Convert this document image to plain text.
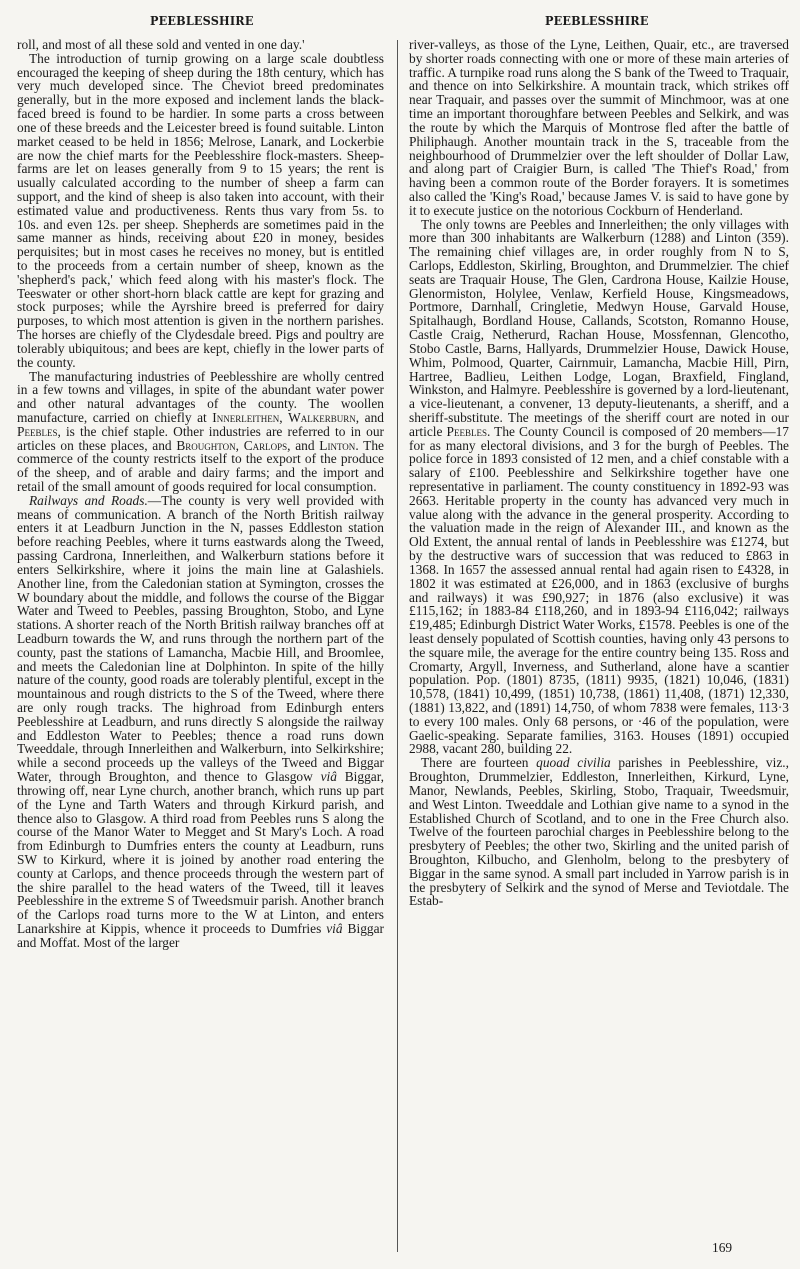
PEEBLESSHIRE	PEEBLESSHIRE

roll, and most of all these sold and vented in one day.'

The introduction of turnip growing on a large scale doubtless encouraged the keeping of sheep during the 18th century, which has very much developed since. The Cheviot breed predominates generally, but in the more exposed and inclement lands the black-faced breed is found to be hardier. In some parts a cross between one of these breeds and the Leicester breed is found suitable. Linton market ceased to be held in 1856; Melrose, Lanark, and Lockerbie are now the chief marts for the Peeblesshire flock-masters. Sheep-farms are let on leases generally from 9 to 15 years; the rent is usually calculated according to the number of sheep a farm can support, and the kind of sheep is also taken into account, with their estimated value and productiveness. Rents thus vary from 5s. to 10s. and even 12s. per sheep. Shepherds are sometimes paid in the same manner as hinds, receiving about £20 in money, besides perquisites; but in most cases he receives no money, but is entitled to the proceeds from a certain number of sheep, known as the 'shepherd's pack,' which feed along with his master's flock. The Teeswater or other short-horn black cattle are kept for grazing and stock purposes; while the Ayrshire breed is preferred for dairy purposes, to which most attention is given in the northern parishes. The horses are chiefly of the Clydesdale breed. Pigs and poultry are tolerably ubiquitous; and bees are kept, chiefly in the lower parts of the county.

The manufacturing industries of Peeblesshire are wholly centred in a few towns and villages, in spite of the abundant water power and other natural advantages of the county. The woollen manufacture, carried on chiefly at Innerleithen, Walkerburn, and Peebles, is the chief staple. Other industries are referred to in our articles on these places, and Broughton, Carlops, and Linton. The commerce of the county restricts itself to the export of the produce of the sheep, and of arable and dairy farms; and the import and retail of the small amount of goods required for local consumption.

Railways and Roads.—The county is very well provided with means of communication. A branch of the North British railway enters it at Leadburn Junction in the N, passes Eddleston station before reaching Peebles, where it turns eastwards along the Tweed, passing Cardrona, Innerleithen, and Walkerburn stations before it enters Selkirkshire, where it joins the main line at Galashiels. Another line, from the Caledonian station at Symington, crosses the W boundary about the middle, and follows the course of the Biggar Water and Tweed to Peebles, passing Broughton, Stobo, and Lyne stations. A shorter reach of the North British railway branches off at Leadburn towards the W, and runs through the northern part of the county, past the stations of Lamancha, Macbie Hill, and Broomlee, and meets the Caledonian line at Dolphinton. In spite of the hilly nature of the county, good roads are tolerably plentiful, except in the mountainous and rough districts to the S of the Tweed, where there are only rough tracks. The highroad from Edinburgh enters Peeblesshire at Leadburn, and runs directly S alongside the railway and Eddleston Water to Peebles; thence a road runs down Tweeddale, through Innerleithen and Walkerburn, into Selkirkshire; while a second proceeds up the valleys of the Tweed and Biggar Water, through Broughton, and thence to Glasgow viâ Biggar, throwing off, near Lyne church, another branch, which runs up part of the Lyne and Tarth Waters and through Kirkurd parish, and thence also to Glasgow. A third road from Peebles runs S along the course of the Manor Water to Megget and St Mary's Loch. A road from Edinburgh to Dumfries enters the county at Leadburn, runs SW to Kirkurd, where it is joined by another road entering the county at Carlops, and thence proceeds through the western part of the shire parallel to the head waters of the Tweed, till it leaves Peeblesshire in the extreme S of Tweedsmuir parish. Another branch of the Carlops road turns more to the W at Linton, and enters Lanarkshire at Kippis, whence it proceeds to Dumfries viâ Biggar and Moffat. Most of the larger

river-valleys, as those of the Lyne, Leithen, Quair, etc., are traversed by shorter roads connecting with one or more of these main arteries of traffic. A turnpike road runs along the S bank of the Tweed to Traquair, and thence on into Selkirkshire. A mountain track, which strikes off near Traquair, and passes over the summit of Minchmoor, was at one time an important thoroughfare between Peebles and Selkirk, and was the route by which the Marquis of Montrose fled after the battle of Philiphaugh. Another mountain track in the S, traceable from the neighbourhood of Drummelzier over the left shoulder of Dollar Law, and along part of Craigier Burn, is called 'The Thief's Road,' from having been a common route of the Border forayers. It is sometimes also called the 'King's Road,' because James V. is said to have gone by it to execute justice on the notorious Cockburn of Henderland.

The only towns are Peebles and Innerleithen; the only villages with more than 300 inhabitants are Walkerburn (1288) and Linton (359). The remaining chief villages are, in order roughly from N to S, Carlops, Eddleston, Skirling, Broughton, and Drummelzier. The chief seats are Traquair House, The Glen, Cardrona House, Kailzie House, Glenormiston, Holylee, Venlaw, Kerfield House, Kingsmeadows, Portmore, Darnhall, Cringletie, Medwyn House, Garvald House, Spitalhaugh, Bordland House, Callands, Scotston, Romanno House, Castle Craig, Netherurd, Rachan House, Mossfennan, Glencotho, Stobo Castle, Barns, Hallyards, Drummelzier House, Dawick House, Whim, Polmood, Quarter, Cairnmuir, Lamancha, Macbie Hill, Pirn, Hartree, Badlieu, Leithen Lodge, Logan, Braxfield, Fingland, Winkston, and Halmyre. Peeblesshire is governed by a lord-lieutenant, a vice-lieutenant, a convener, 13 deputy-lieutenants, a sheriff, and a sheriff-substitute. The meetings of the sheriff court are noted in our article Peebles. The County Council is composed of 20 members—17 for as many electoral divisions, and 3 for the burgh of Peebles. The police force in 1893 consisted of 12 men, and a chief constable with a salary of £100. Peeblesshire and Selkirkshire together have one representative in parliament. The county constituency in 1892-93 was 2663. Heritable property in the county has advanced very much in value along with the advance in the general prosperity. According to the valuation made in the reign of Alexander III., and known as the Old Extent, the annual rental of lands in Peeblesshire was £1274, but by the destructive wars of succession that was reduced to £863 in 1368. In 1657 the assessed annual rental had again risen to £4328, in 1802 it was estimated at £26,000, and in 1863 (exclusive of burghs and railways) it was £90,927; in 1876 (also exclusive) it was £115,162; in 1883-84 £118,260, and in 1893-94 £116,042; railways £19,485; Edinburgh District Water Works, £1578. Peebles is one of the least densely populated of Scottish counties, having only 43 persons to the square mile, the average for the entire country being 135. Ross and Cromarty, Argyll, Inverness, and Sutherland, alone have a scantier population. Pop. (1801) 8735, (1811) 9935, (1821) 10,046, (1831) 10,578, (1841) 10,499, (1851) 10,738, (1861) 11,408, (1871) 12,330, (1881) 13,822, and (1891) 14,750, of whom 7838 were females, 113·3 to every 100 males. Only 68 persons, or ·46 of the population, were Gaelic-speaking. Separate families, 3163. Houses (1891) occupied 2988, vacant 280, building 22.

There are fourteen quoad civilia parishes in Peeblesshire, viz., Broughton, Drummelzier, Eddleston, Innerleithen, Kirkurd, Lyne, Manor, Newlands, Peebles, Skirling, Stobo, Traquair, Tweedsmuir, and West Linton. Tweeddale and Lothian give name to a synod in the Established Church of Scotland, and to one in the Free Church also. Twelve of the fourteen parochial charges in Peeblesshire belong to the presbytery of Peebles; the other two, Skirling and the united parish of Broughton, Kilbucho, and Glenholm, belong to the presbytery of Biggar in the same synod. A small part included in Yarrow parish is in the presbytery of Selkirk and the synod of Merse and Teviotdale. The Estab-

169
